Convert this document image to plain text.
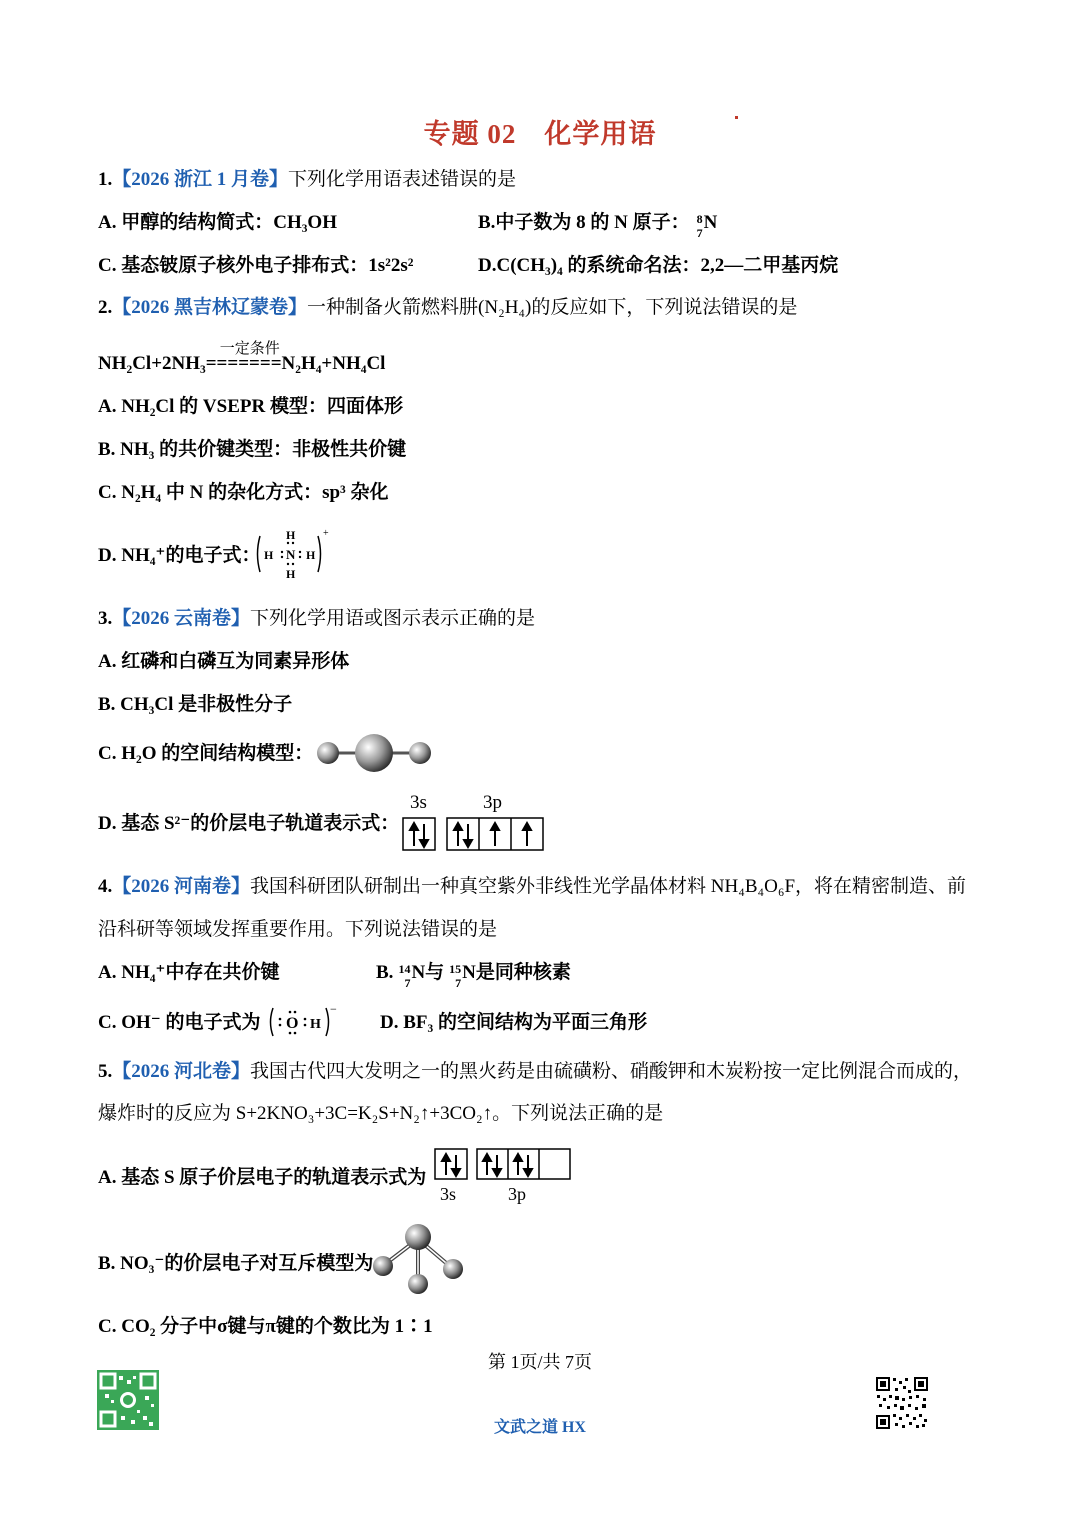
专题 02　化学用语
1.【2026 浙江 1 月卷】下列化学用语表述错误的是
A. 甲醇的结构简式：CH₃OH	B.中子数为 8 的 N 原子： 8
7 N
C. 基态铍原子核外电子排布式：1s²2s²	D.C(CH₃)₄ 的系统命名法：2,2—二甲基丙烷
2.【2026 黑吉林辽蒙卷】一种制备火箭燃料肼(N₂H₄)的反应如下，下列说法错误的是
NH₂Cl+2NH₃
一定条件
=======N₂H₄+NH₄Cl
A. NH₂Cl 的 VSEPR 模型：四面体形
B. NH₃ 的共价键类型：非极性共价键
C. N₂H₄ 中 N 的杂化方式：sp³ 杂化
D. NH₄⁺的电子式： H	H
H
H
N
+
3.【2026 云南卷】下列化学用语或图示表示正确的是
A. 红磷和白磷互为同素异形体
B. CH₃Cl 是非极性分子
C. H₂O 的空间结构模型：
D. 基态 S²⁻的价层电子轨道表示式：
3s	3p
4.【2026 河南卷】我国科研团队研制出一种真空紫外非线性光学晶体材料 NH₄B₄O₆F，将在精密制造、前
沿科研等领域发挥重要作用。下列说法错误的是
A. NH₄⁺中存在共价键	B. 14
7 N与 15
7 N是同种核素
C. OH⁻ 的电子式为 O H
−
D. BF₃ 的空间结构为平面三角形
5.【2026 河北卷】我国古代四大发明之一的黑火药是由硫磺粉、硝酸钾和木炭粉按一定比例混合而成的，
爆炸时的反应为 S+2KNO₃+3C=K₂S+N₂↑+3CO₂↑。下列说法正确的是
A. 基态 S 原子价层电子的轨道表示式为
3s	3p
B. NO₃⁻的价层电子对互斥模型为
C. CO₂ 分子中σ键与π键的个数比为 1∶1
第 1页/共 7页
文武之道 HX
